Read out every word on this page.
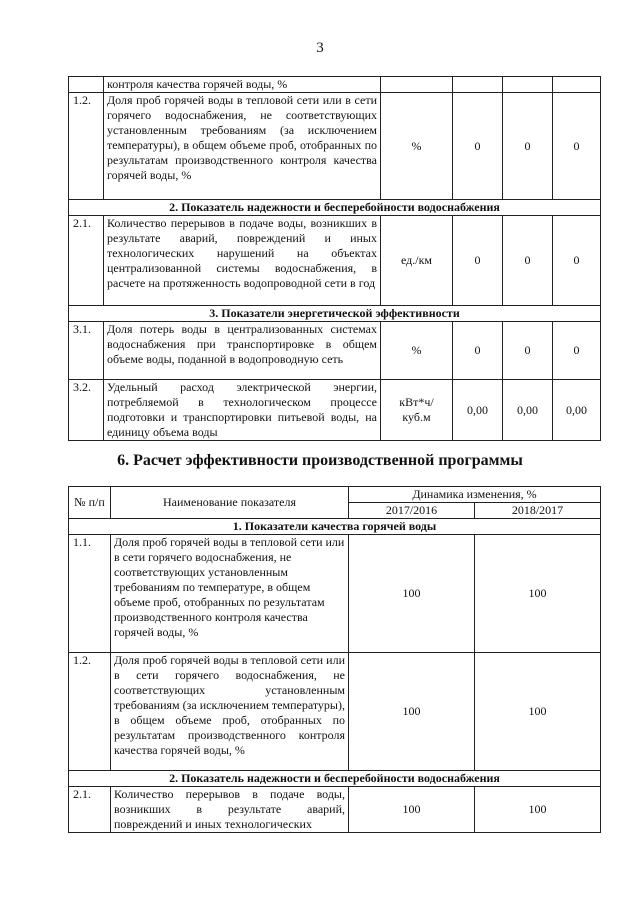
3
	контроля качества горячей воды, %				
1.2.	Доля проб горячей воды в тепловой сети или в сети горячего водоснабжения, не соответствующих установленным требованиям (за исключением температуры), в общем объеме проб, отобранных по результатам производственного контроля качества горячей воды, %	%	0	0	0
2. Показатель надежности и бесперебойности водоснабжения					
2.1.	Количество перерывов в подаче воды, возникших в результате аварий, повреждений и иных технологических нарушений на объектах централизованной системы водоснабжения, в расчете на протяженность водопроводной сети в год	ед./км	0	0	0
3. Показатели энергетической эффективности					
3.1.	Доля потерь воды в централизованных системах водоснабжения при транспортировке в общем объеме воды, поданной в водопроводную сеть	%	0	0	0
3.2.	Удельный расход электрической энергии, потребляемой в технологическом процессе подготовки и транспортировки питьевой воды, на единицу объема воды	кВт*ч/ куб.м	0,00	0,00	0,00
6. Расчет эффективности производственной программы
№ п/п	Наименование показателя	Динамика изменения, %	
		2017/2016	2018/2017
1. Показатели качества горячей воды			
1.1.	Доля проб горячей воды в тепловой сети или в сети горячего водоснабжения, не соответствующих установленным требованиям по температуре, в общем объеме проб, отобранных по результатам производственного контроля качества горячей воды, %	100	100
1.2.	Доля проб горячей воды в тепловой сети или в сети горячего водоснабжения, не соответствующих установленным требованиям (за исключением температуры), в общем объеме проб, отобранных по результатам производственного контроля качества горячей воды, %	100	100
2. Показатель надежности и бесперебойности водоснабжения			
2.1.	Количество перерывов в подаче воды, возникших в результате аварий, повреждений и иных технологических	100	100
